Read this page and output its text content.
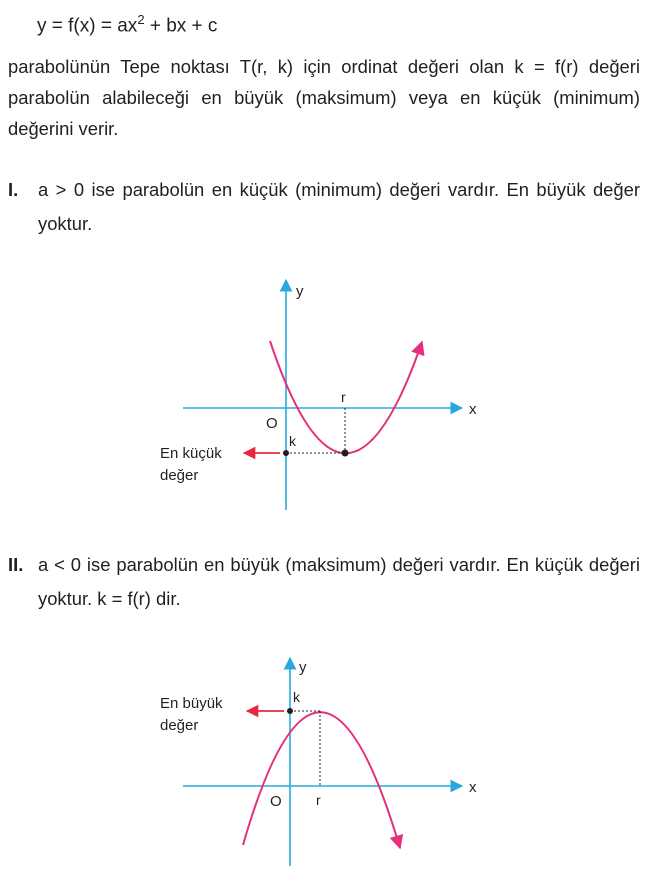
$y = f(x) = ax^2$ + bx + c
parabolünün Tepe noktası T(r, k) için ordinat değeri olan k = f(r) değeri parabolün alabileceği en büyük (maksimum) veya en küçük (minimum) değerini verir.
I. a > 0 ise parabolün en küçük (minimum) değeri vardır. En büyük değer yoktur.
II. a < 0 ise parabolün en büyük (maksimum) değeri vardır. En küçük değeri yoktur. k = f(r) dir.
y
x
O
r
k
En küçük
değer
y
x
O r
k
En büyük
değer
